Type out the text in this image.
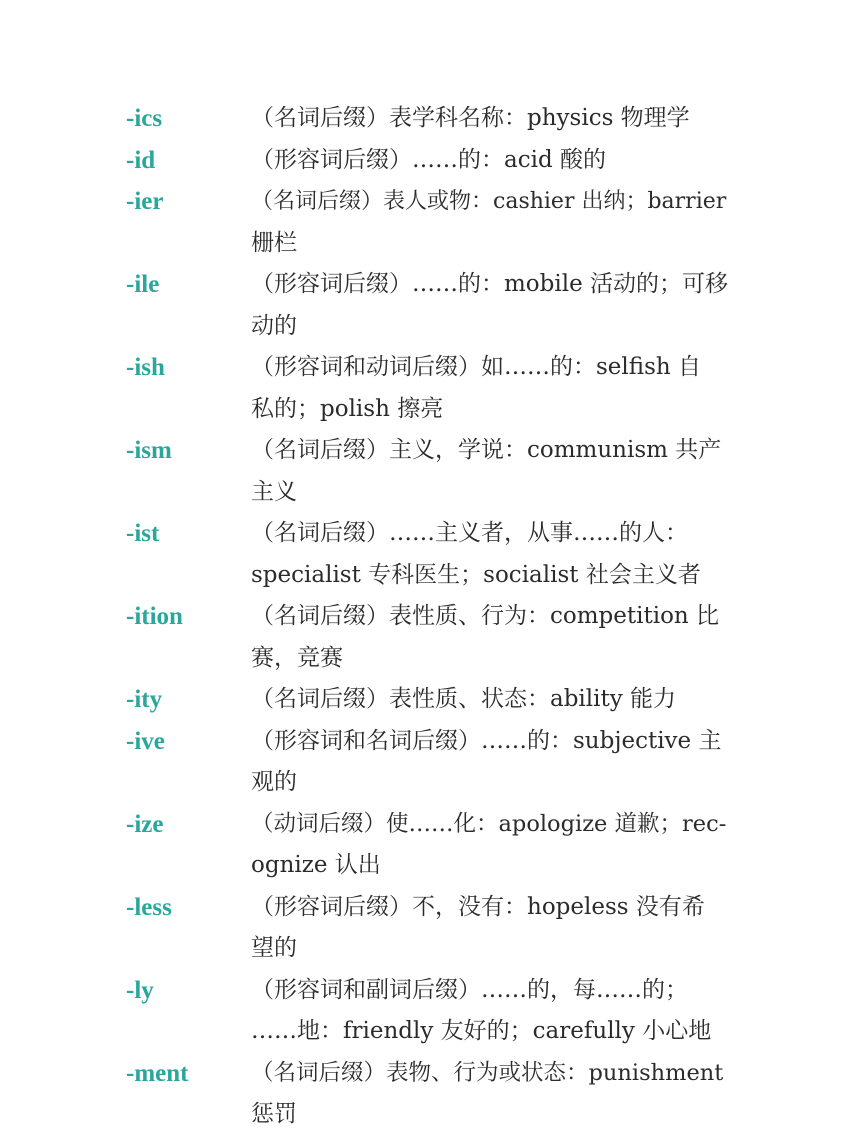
-ics	（名词后缀）表学科名称：physics 物理学
-id	（形容词后缀）……的：acid 酸的
-ier	（名词后缀）表人或物：cashier 出纳；barrier
栅栏
-ile	（形容词后缀）……的：mobile 活动的；可移
动的
-ish	（形容词和动词后缀）如……的：selfish 自
私的；polish 擦亮
-ism	（名词后缀）主义，学说：communism 共产
主义
-ist	（名词后缀）……主义者，从事……的人：
specialist 专科医生；socialist 社会主义者
-ition	（名词后缀）表性质、行为：competition 比
赛，竞赛
-ity	（名词后缀）表性质、状态：ability 能力
-ive	（形容词和名词后缀）……的：subjective 主
观的
-ize	（动词后缀）使……化：apologize 道歉；rec-
ognize 认出
-less	（形容词后缀）不，没有：hopeless 没有希
望的
-ly	（形容词和副词后缀）……的，每……的；
……地：friendly 友好的；carefully 小心地
-ment	（名词后缀）表物、行为或状态：punishment
惩罚
